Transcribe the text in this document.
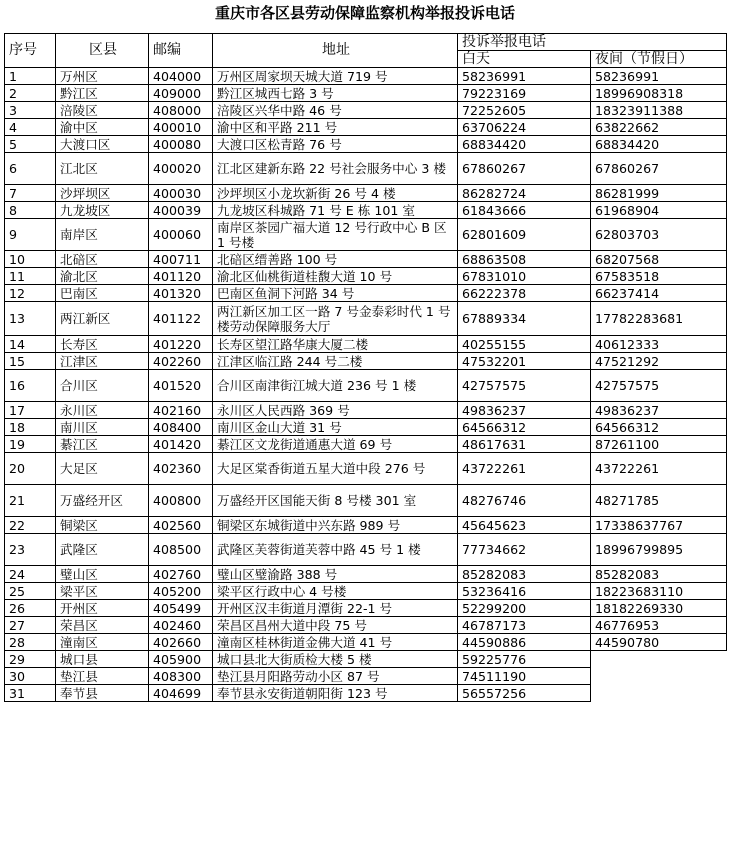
重庆市各区县劳动保障监察机构举报投诉电话
序号	区县	邮编	地址	投诉举报电话	
				白天	夜间（节假日）
1	万州区	404000	万州区周家坝天城大道 719 号	58236991	58236991
2	黔江区	409000	黔江区城西七路 3 号	79223169	18996908318
3	涪陵区	408000	涪陵区兴华中路 46 号	72252605	18323911388
4	渝中区	400010	渝中区和平路 211 号	63706224	63822662
5	大渡口区	400080	大渡口区松青路 76 号	68834420	68834420
6	江北区	400020	江北区建新东路 22 号社会服务中心 3 楼	67860267	67860267
7	沙坪坝区	400030	沙坪坝区小龙坎新街 26 号 4 楼	86282724	86281999
8	九龙坡区	400039	九龙坡区科城路 71 号 E 栋 101 室	61843666	61968904
9	南岸区	400060	南岸区茶园广福大道 12 号行政中心 B 区 1 号楼	62801609	62803703
10	北碚区	400711	北碚区缙善路 100 号	68863508	68207568
11	渝北区	401120	渝北区仙桃街道桂馥大道 10 号	67831010	67583518
12	巴南区	401320	巴南区鱼洞下河路 34 号	66222378	66237414
13	两江新区	401122	两江新区加工区一路 7 号金泰彩时代 1 号楼劳动保障服务大厅	67889334	17782283681
14	长寿区	401220	长寿区望江路华康大厦二楼	40255155	40612333
15	江津区	402260	江津区临江路 244 号二楼	47532201	47521292
16	合川区	401520	合川区南津街江城大道 236 号 1 楼	42757575	42757575
17	永川区	402160	永川区人民西路 369 号	49836237	49836237
18	南川区	408400	南川区金山大道 31 号	64566312	64566312
19	綦江区	401420	綦江区文龙街道通惠大道 69 号	48617631	87261100
20	大足区	402360	大足区棠香街道五星大道中段 276 号	43722261	43722261
21	万盛经开区	400800	万盛经开区国能天街 8 号楼 301 室	48276746	48271785
22	铜梁区	402560	铜梁区东城街道中兴东路 989 号	45645623	17338637767
23	武隆区	408500	武隆区芙蓉街道芙蓉中路 45 号 1 楼	77734662	18996799895
24	璧山区	402760	璧山区璧渝路 388 号	85282083	85282083
25	梁平区	405200	梁平区行政中心 4 号楼	53236416	18223683110
26	开州区	405499	开州区汉丰街道月潭街 22-1 号	52299200	18182269330
27	荣昌区	402460	荣昌区昌州大道中段 75 号	46787173	46776953
28	潼南区	402660	潼南区桂林街道金佛大道 41 号	44590886	44590780
29	城口县	405900	城口县北大街质检大楼 5 楼	59225776	
30	垫江县	408300	垫江县月阳路劳动小区 87 号	74511190	
31	奉节县	404699	奉节县永安街道朝阳街 123 号	56557256	
